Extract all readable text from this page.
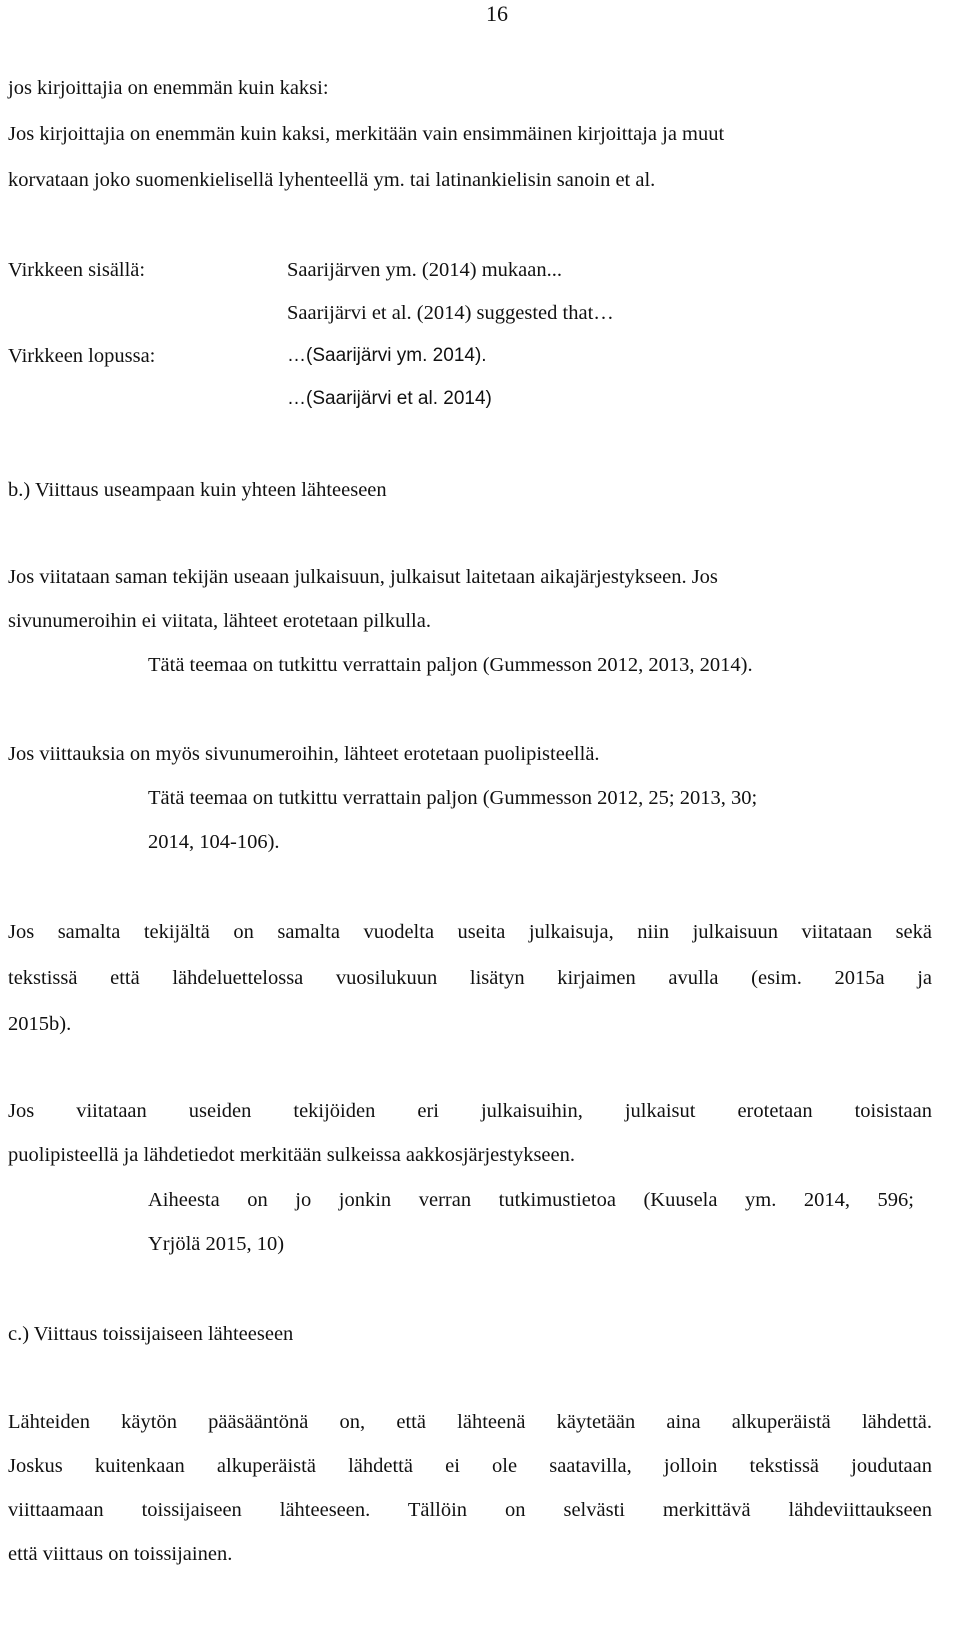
16
jos kirjoittajia on enemmän kuin kaksi:
Jos kirjoittajia on enemmän kuin kaksi, merkitään vain ensimmäinen kirjoittaja ja muut
korvataan joko suomenkielisellä lyhenteellä ym. tai latinankielisin sanoin et al.
Virkkeen sisällä:	Saarijärven ym. (2014) mukaan...
Saarijärvi et al. (2014) suggested that…
Virkkeen lopussa:	…(Saarijärvi ym. 2014).
…(Saarijärvi et al. 2014)
b.) Viittaus useampaan kuin yhteen lähteeseen
Jos viitataan saman tekijän useaan julkaisuun, julkaisut laitetaan aikajärjestykseen. Jos
sivunumeroihin ei viitata, lähteet erotetaan pilkulla.
Tätä teemaa on tutkittu verrattain paljon (Gummesson 2012, 2013, 2014).
Jos viittauksia on myös sivunumeroihin, lähteet erotetaan puolipisteellä.
Tätä teemaa on tutkittu verrattain paljon (Gummesson 2012, 25; 2013, 30;
2014, 104-106).
Jos samalta tekijältä on samalta vuodelta useita julkaisuja, niin julkaisuun viitataan sekä
tekstissä että lähdeluettelossa vuosilukuun lisätyn kirjaimen avulla (esim. 2015a ja
2015b).
Jos viitataan useiden tekijöiden eri julkaisuihin, julkaisut erotetaan toisistaan
puolipisteellä ja lähdetiedot merkitään sulkeissa aakkosjärjestykseen.
Aiheesta on jo jonkin verran tutkimustietoa (Kuusela ym. 2014, 596;
Yrjölä 2015, 10)
c.) Viittaus toissijaiseen lähteeseen
Lähteiden käytön pääsääntönä on, että lähteenä käytetään aina alkuperäistä lähdettä.
Joskus kuitenkaan alkuperäistä lähdettä ei ole saatavilla, jolloin tekstissä joudutaan
viittaamaan toissijaiseen lähteeseen. Tällöin on selvästi merkittävä lähdeviittaukseen
että viittaus on toissijainen.
